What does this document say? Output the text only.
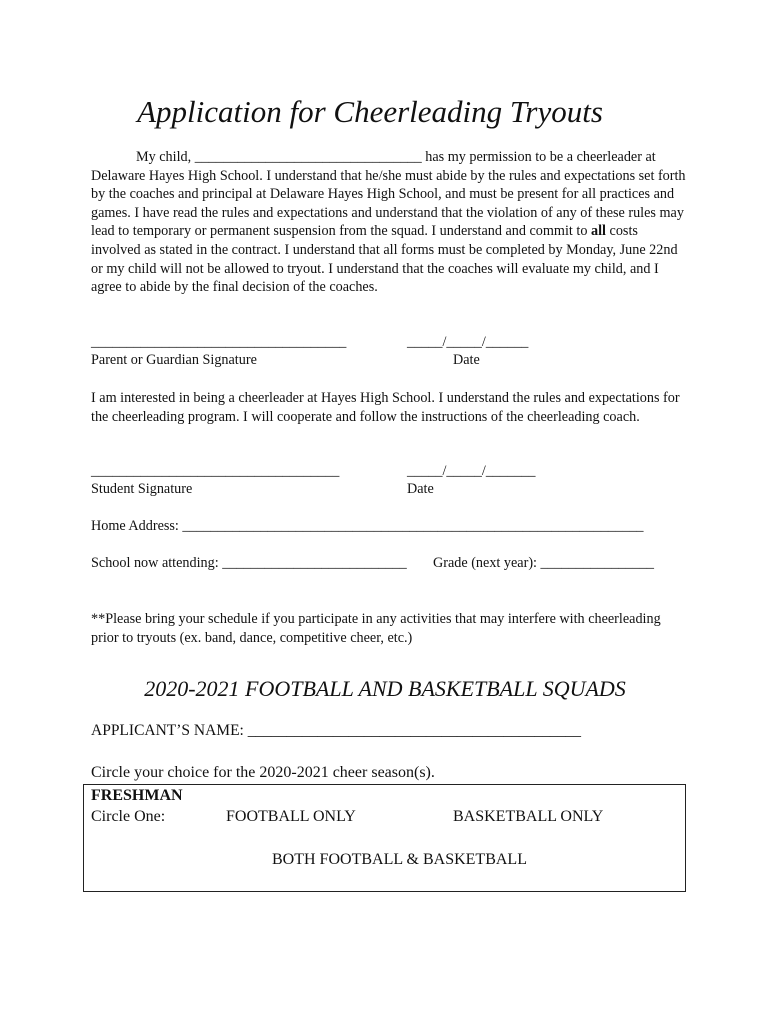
Application for Cheerleading Tryouts
My child, ________________________________ has my permission to be a cheerleader at Delaware Hayes High School. I understand that he/she must abide by the rules and expectations set forth by the coaches and principal at Delaware Hayes High School, and must be present for all practices and games. I have read the rules and expectations and understand that the violation of any of these rules may lead to temporary or permanent suspension from the squad. I understand and commit to all costs involved as stated in the contract. I understand that all forms must be completed by Monday, June 22nd or my child will not be allowed to tryout. I understand that the coaches will evaluate my child, and I agree to abide by the final decision of the coaches.
____________________________________	_____/_____/______
Parent or Guardian Signature	Date
I am interested in being a cheerleader at Hayes High School. I understand the rules and expectations for the cheerleading program. I will cooperate and follow the instructions of the cheerleading coach.
___________________________________	_____/_____/_______
Student Signature	Date
Home Address: _________________________________________________________________
School now attending: __________________________ Grade (next year): ________________
**Please bring your schedule if you participate in any activities that may interfere with cheerleading prior to tryouts (ex. band, dance, competitive cheer, etc.)
2020-2021 FOOTBALL AND BASKETBALL SQUADS
APPLICANT’S NAME: ___________________________________________
Circle your choice for the 2020-2021 cheer season(s).
FRESHMAN
Circle One:	FOOTBALL ONLY	BASKETBALL ONLY
BOTH FOOTBALL & BASKETBALL
